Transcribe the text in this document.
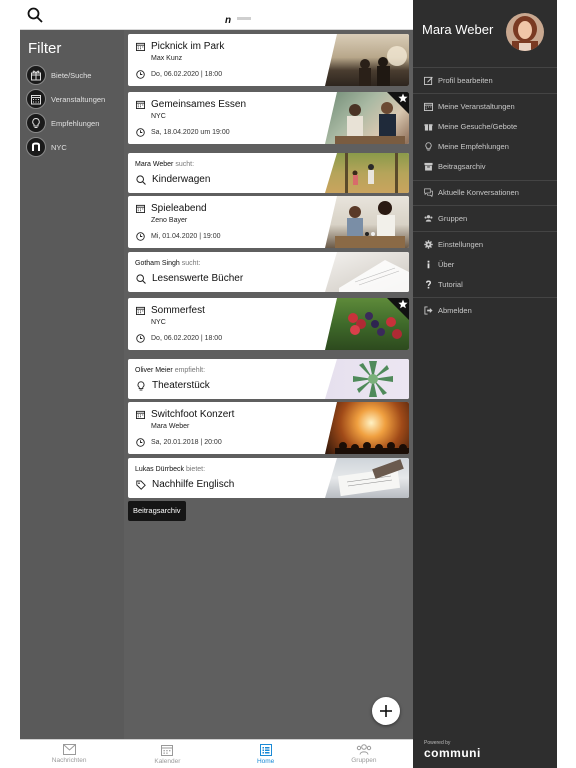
n
Filter
Biete/Suche
Veranstaltungen
Empfehlungen
NYC
Picknick im Park
Max Kunz
Do, 06.02.2020 | 18:00
Gemeinsames Essen
NYC
Sa, 18.04.2020 um 19:00
Mara Weber sucht:
Kinderwagen
Spieleabend
Zeno Bayer
Mi, 01.04.2020 | 19:00
Gotham Singh sucht:
Lesenswerte Bücher
Sommerfest
NYC
Do, 06.02.2020 | 18:00
Oliver Meier empfiehlt:
Theaterstück
Switchfoot Konzert
Mara Weber
Sa, 20.01.2018 | 20:00
Lukas Dürrbeck bietet:
Nachhilfe Englisch
Beitragsarchiv
Nachrichten	Kalender	Home	Gruppen
Mara Weber
Profil bearbeiten
Meine Veranstaltungen
Meine Gesuche/Gebote
Meine Empfehlungen
Beitragsarchiv
Aktuelle Konversationen
Gruppen
Einstellungen
Über
Tutorial
Abmelden
Powered by
communi
